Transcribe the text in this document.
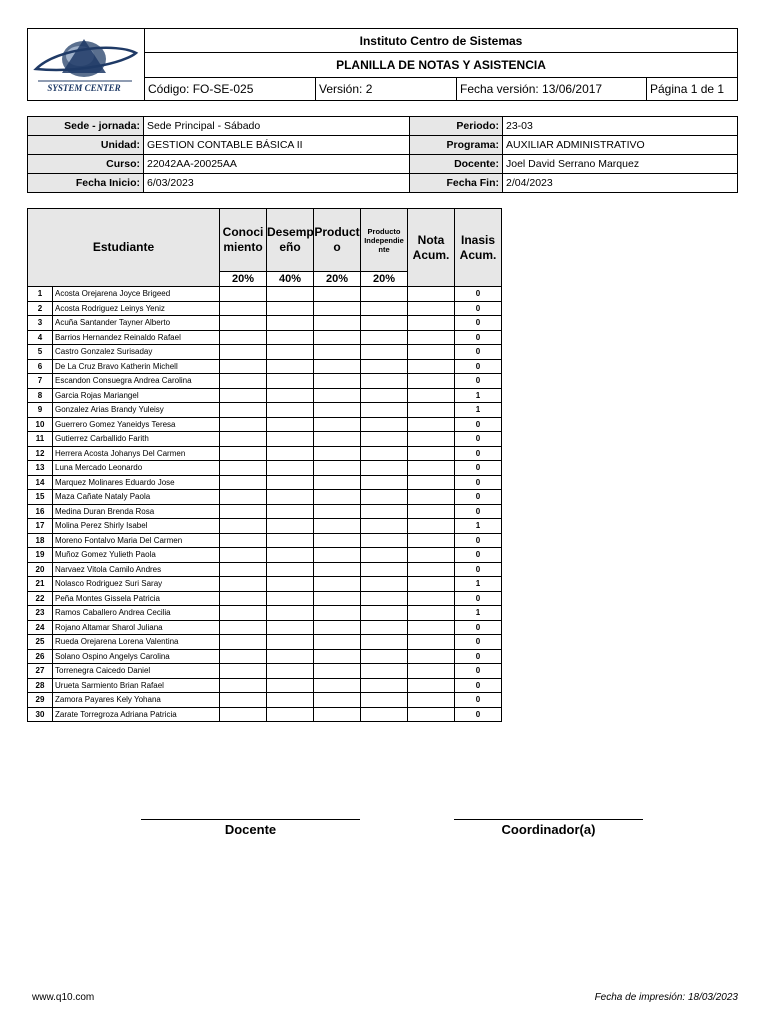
SYSTEM CENTER	Instituto Centro de Sistemas			
	PLANILLA DE NOTAS Y ASISTENCIA			
	Código: FO-SE-025	Versión: 2	Fecha versión: 13/06/2017	Página 1 de 1
Sede - jornada:	Sede Principal - Sábado	Periodo:	23-03
Unidad:	GESTION CONTABLE BÁSICA II	Programa:	AUXILIAR ADMINISTRATIVO
Curso:	22042AA-20025AA	Docente:	Joel David Serrano Marquez
Fecha Inicio:	6/03/2023	Fecha Fin:	2/04/2023
Estudiante		Conoci miento	Desemp eño	Product o	Producto Independie nte	Nota Acum.	Inasis Acum.
		20%	40%	20%	20%		
1	Acosta Orejarena Joyce Brigeed						0
2	Acosta Rodriguez Leinys Yeniz						0
3	Acuña Santander Tayner Alberto						0
4	Barrios Hernandez Reinaldo Rafael						0
5	Castro Gonzalez Surisaday						0
6	De La Cruz Bravo Katherin Michell						0
7	Escandon Consuegra Andrea Carolina						0
8	Garcia Rojas Mariangel						1
9	Gonzalez Arias Brandy Yuleisy						1
10	Guerrero Gomez Yaneidys Teresa						0
11	Gutierrez Carballido Farith						0
12	Herrera Acosta Johanys Del Carmen						0
13	Luna Mercado Leonardo						0
14	Marquez Molinares Eduardo Jose						0
15	Maza Cañate Nataly Paola						0
16	Medina Duran Brenda Rosa						0
17	Molina Perez Shirly Isabel						1
18	Moreno Fontalvo Maria Del Carmen						0
19	Muñoz Gomez Yulieth Paola						0
20	Narvaez Vitola Camilo Andres						0
21	Nolasco Rodriguez Suri Saray						1
22	Peña Montes Gissela Patricia						0
23	Ramos Caballero Andrea Cecilia						1
24	Rojano Altamar Sharol Juliana						0
25	Rueda Orejarena Lorena Valentina						0
26	Solano Ospino Angelys Carolina						0
27	Torrenegra Caicedo Daniel						0
28	Urueta Sarmiento Brian Rafael						0
29	Zamora Payares Kely Yohana						0
30	Zarate Torregroza Adriana Patricia						0
Docente	Coordinador(a)
www.q10.com	Fecha de impresión: 18/03/2023
